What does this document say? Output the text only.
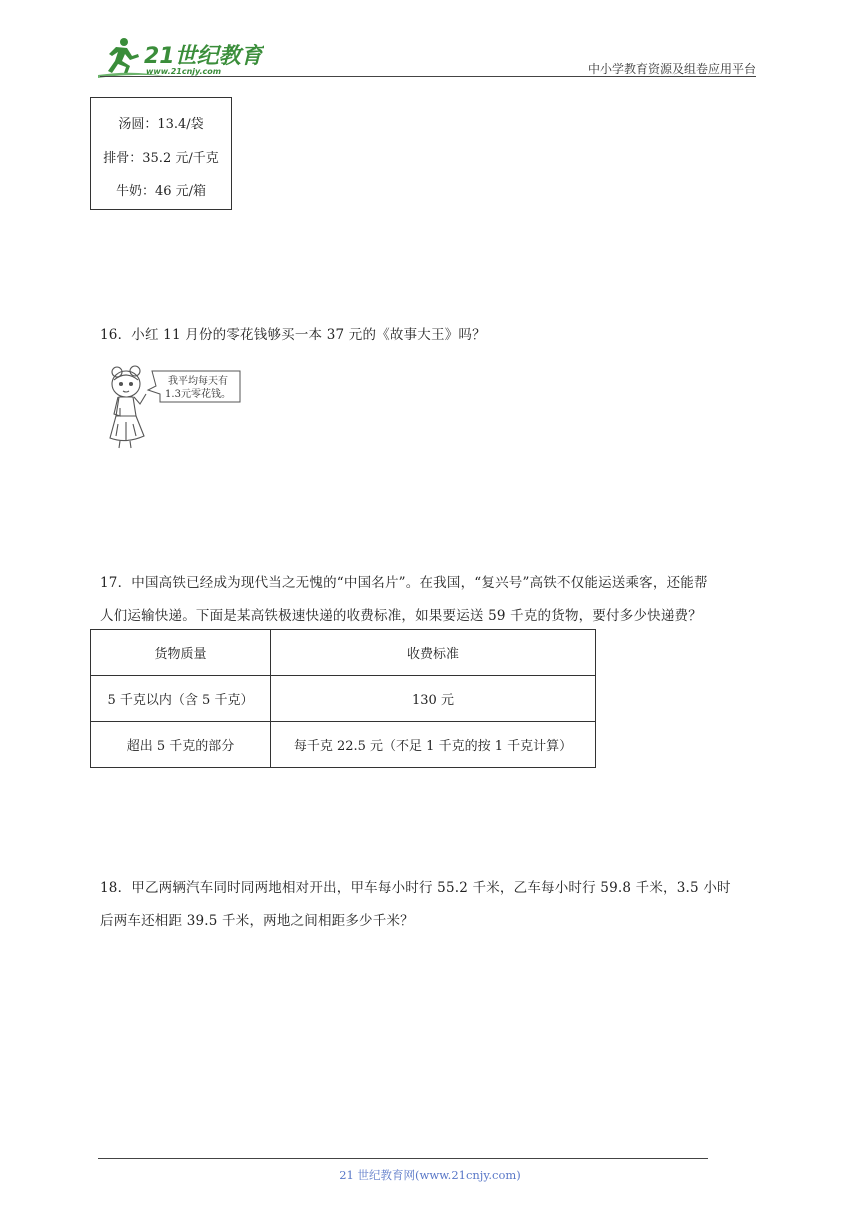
21世纪教育
www.21cnjy.com	中小学教育资源及组卷应用平台
汤圆：13.4/袋
排骨：35.2 元/千克
牛奶：46 元/箱
16．小红 11 月份的零花钱够买一本 37 元的《故事大王》吗？
我平均每天有
1.3元零花钱。
17．中国高铁已经成为现代当之无愧的“中国名片”。在我国，“复兴号”高铁不仅能运送乘客，还能帮
人们运输快递。下面是某高铁极速快递的收费标准，如果要运送 59 千克的货物，要付多少快递费？
货物质量	收费标准
5 千克以内（含 5 千克）	130 元
超出 5 千克的部分	每千克 22.5 元（不足 1 千克的按 1 千克计算）
18．甲乙两辆汽车同时同两地相对开出，甲车每小时行 55.2 千米，乙车每小时行 59.8 千米，3.5 小时
后两车还相距 39.5 千米，两地之间相距多少千米？
21 世纪教育网(www.21cnjy.com)
